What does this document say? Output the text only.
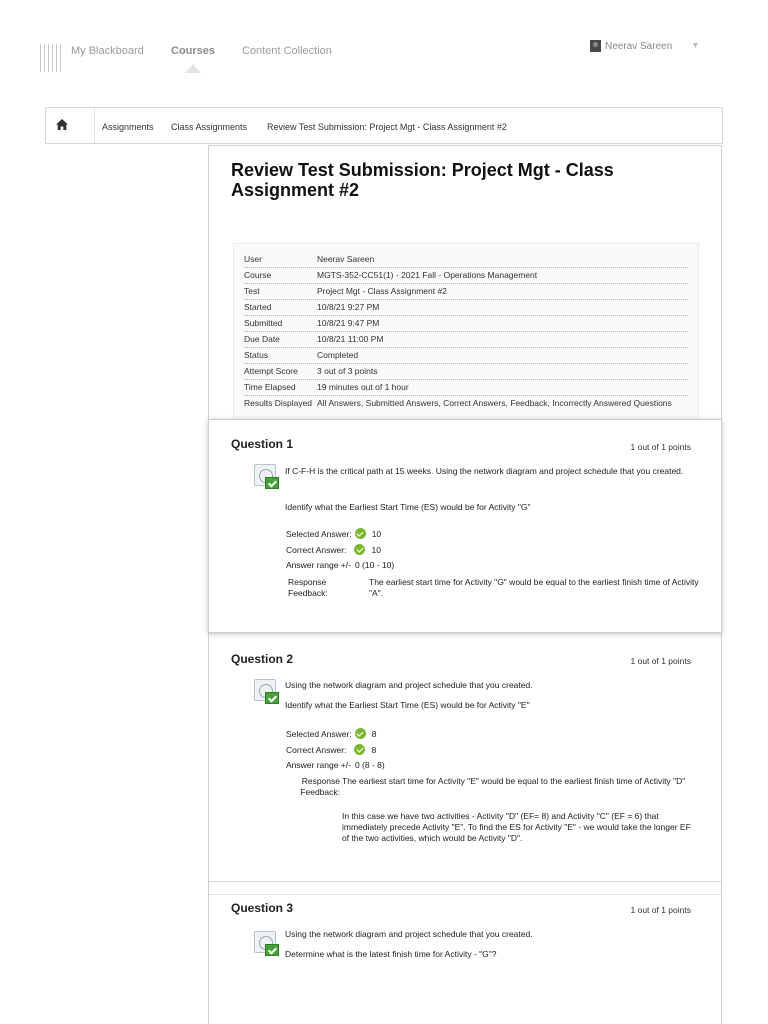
My Blackboard Courses Content Collection	Neerav Sareen ▼
Assignments Class Assignments Review Test Submission: Project Mgt - Class Assignment #2
Review Test Submission: Project Mgt - Class Assignment #2
User	Neerav Sareen
Course	MGTS-352-CC51(1) - 2021 Fall - Operations Management
Test	Project Mgt - Class Assignment #2
Started	10/8/21 9:27 PM
Submitted	10/8/21 9:47 PM
Due Date	10/8/21 11:00 PM
Status	Completed
Attempt Score	3 out of 3 points
Time Elapsed	19 minutes out of 1 hour
Results Displayed All Answers, Submitted Answers, Correct Answers, Feedback, Incorrectly Answered Questions
Question 1	1 out of 1 points
If C-F-H is the critical path at 15 weeks. Using the network diagram and project schedule that you created.
Identify what the Earliest Start Time (ES) would be for Activity "G"
Selected Answer: 10
Correct Answer:	10
Answer range +/- 0 (10 - 10)
Response Feedback:
The earliest start time for Activity "G" would be equal to the earliest finish time of Activity "A".
Question 2	1 out of 1 points
Using the network diagram and project schedule that you created.
Identify what the Earliest Start Time (ES) would be for Activity "E"
Selected Answer: 8
Correct Answer:	8
Answer range +/- 0 (8 - 8)
Response Feedback:
The earliest start time for Activity "E" would be equal to the earliest finish time of Activity "D"
In this case we have two activities - Activity "D" (EF= 8) and Activity "C" (EF = 6) that immediately precede Activity "E". To find the ES for Activity "E" - we would take the longer EF of the two activities, which would be Activity "D".
Question 3	1 out of 1 points
Using the network diagram and project schedule that you created.
Determine what is the latest finish time for Activity - "G"?
